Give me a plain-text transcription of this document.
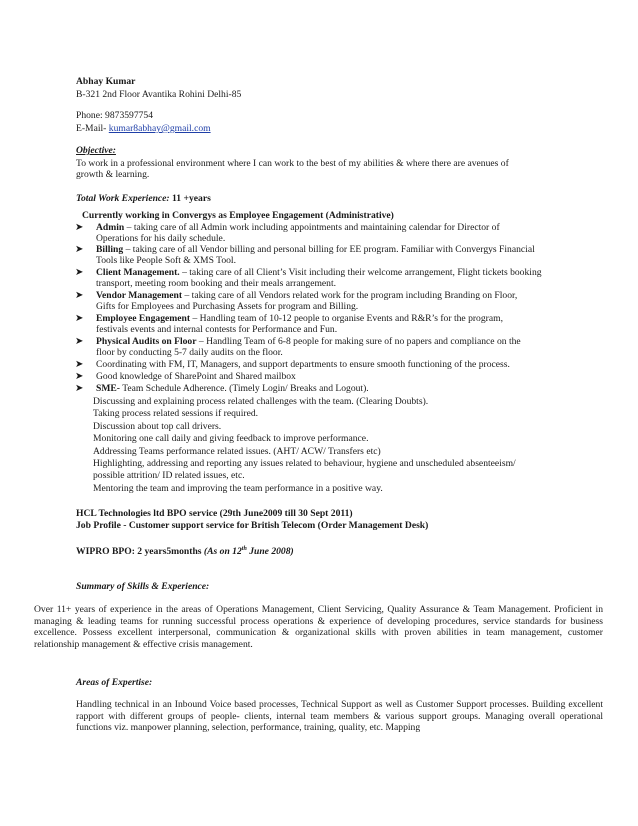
Abhay Kumar
B-321 2nd Floor Avantika Rohini Delhi-85
Phone: 9873597754
E-Mail- kumar8abhay@gmail.com
Objective:
To work in a professional environment where I can work to the best of my abilities & where there are avenues of
growth & learning.
Total Work Experience: 11 +years
Currently working in Convergys as Employee Engagement (Administrative)
➤ Admin – taking care of all Admin work including appointments and maintaining calendar for Director of
Operations for his daily schedule.
➤ Billing – taking care of all Vendor billing and personal billing for EE program. Familiar with Convergys Financial
Tools like People Soft & XMS Tool.
➤ Client Management. – taking care of all Client’s Visit including their welcome arrangement, Flight tickets booking
transport, meeting room booking and their meals arrangement.
➤ Vendor Management – taking care of all Vendors related work for the program including Branding on Floor,
Gifts for Employees and Purchasing Assets for program and Billing.
➤ Employee Engagement – Handling team of 10-12 people to organise Events and R&R’s for the program,
festivals events and internal contests for Performance and Fun.
➤ Physical Audits on Floor – Handling Team of 6-8 people for making sure of no papers and compliance on the
floor by conducting 5-7 daily audits on the floor.
➤ Coordinating with FM, IT, Managers, and support departments to ensure smooth functioning of the process.
➤ Good knowledge of SharePoint and Shared mailbox
➤ SME- Team Schedule Adherence. (Timely Login/ Breaks and Logout).
Discussing and explaining process related challenges with the team. (Clearing Doubts).
Taking process related sessions if required.
Discussion about top call drivers.
Monitoring one call daily and giving feedback to improve performance.
Addressing Teams performance related issues. (AHT/ ACW/ Transfers etc)
Highlighting, addressing and reporting any issues related to behaviour, hygiene and unscheduled absenteeism/
possible attrition/ ID related issues, etc.
Mentoring the team and improving the team performance in a positive way.
HCL Technologies ltd BPO service (29th June2009 till 30 Sept 2011)
Job Profile - Customer support service for British Telecom (Order Management Desk)
WIPRO BPO: 2 years5months (As on 12th June 2008)
Summary of Skills & Experience:
Over 11+ years of experience in the areas of Operations Management, Client Servicing, Quality Assurance & Team Management. Proficient in managing & leading teams for running successful process operations & experience of developing procedures, service standards for business excellence. Possess excellent interpersonal, communication & organizational skills with proven abilities in team management, customer relationship management & effective crisis management.
Areas of Expertise:
Handling technical in an Inbound Voice based processes, Technical Support as well as Customer Support processes. Building excellent rapport with different groups of people- clients, internal team members & various support groups. Managing overall operational functions viz. manpower planning, selection, performance, training, quality, etc. Mapping
